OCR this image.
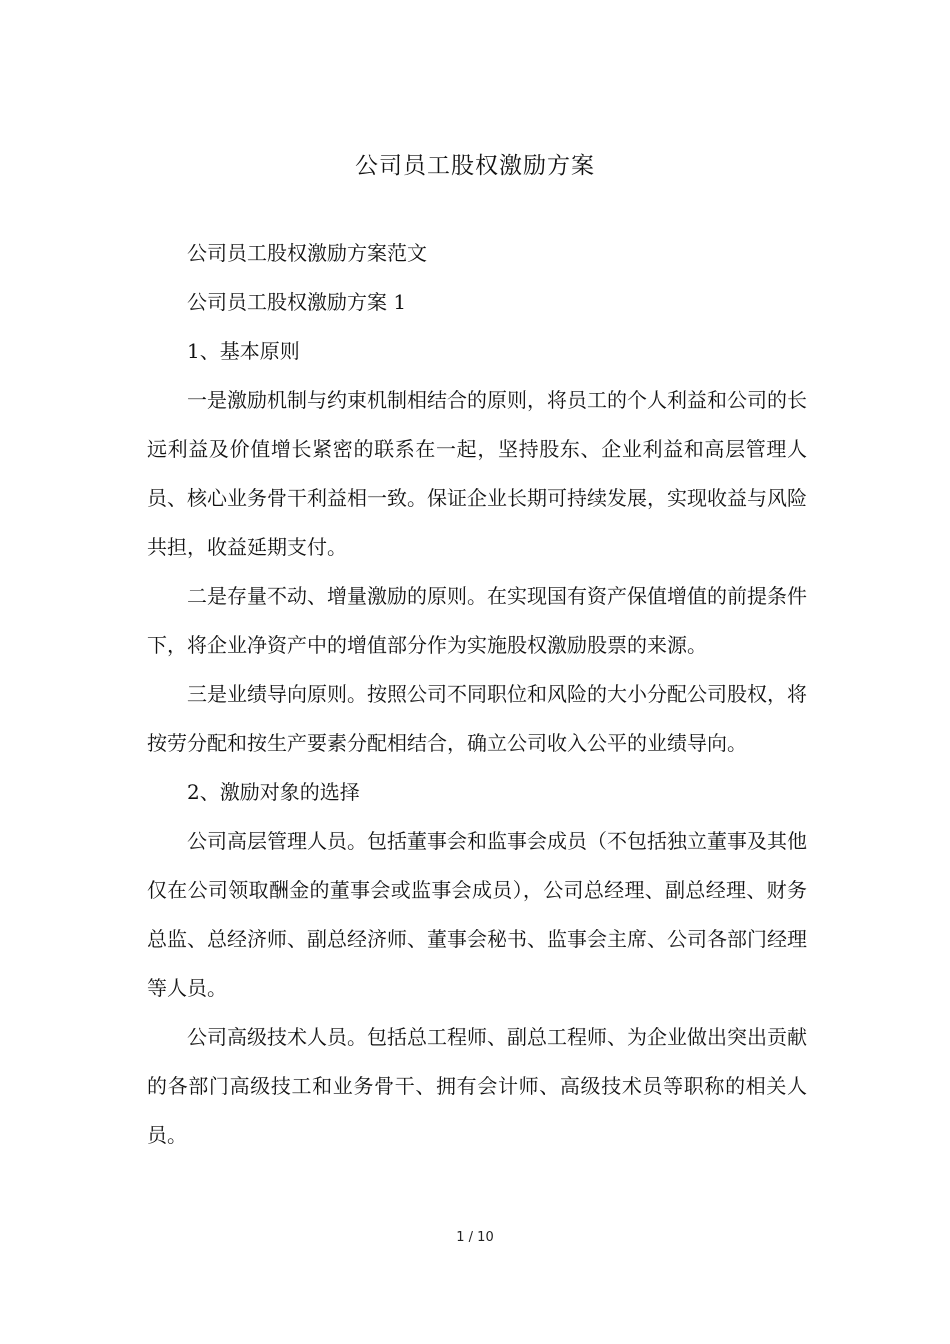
公司员工股权激励方案

公司员工股权激励方案范文

公司员工股权激励方案 1

1、基本原则

一是激励机制与约束机制相结合的原则，将员工的个人利益和公司的长远利益及价值增长紧密的联系在一起，坚持股东、企业利益和高层管理人员、核心业务骨干利益相一致。保证企业长期可持续发展，实现收益与风险共担，收益延期支付。

二是存量不动、增量激励的原则。在实现国有资产保值增值的前提条件下，将企业净资产中的增值部分作为实施股权激励股票的来源。

三是业绩导向原则。按照公司不同职位和风险的大小分配公司股权，将按劳分配和按生产要素分配相结合，确立公司收入公平的业绩导向。

2、激励对象的选择

公司高层管理人员。包括董事会和监事会成员（不包括独立董事及其他仅在公司领取酬金的董事会或监事会成员），公司总经理、副总经理、财务总监、总经济师、副总经济师、董事会秘书、监事会主席、公司各部门经理等人员。

公司高级技术人员。包括总工程师、副总工程师、为企业做出突出贡献的各部门高级技工和业务骨干、拥有会计师、高级技术员等职称的相关人员。

1 / 10
